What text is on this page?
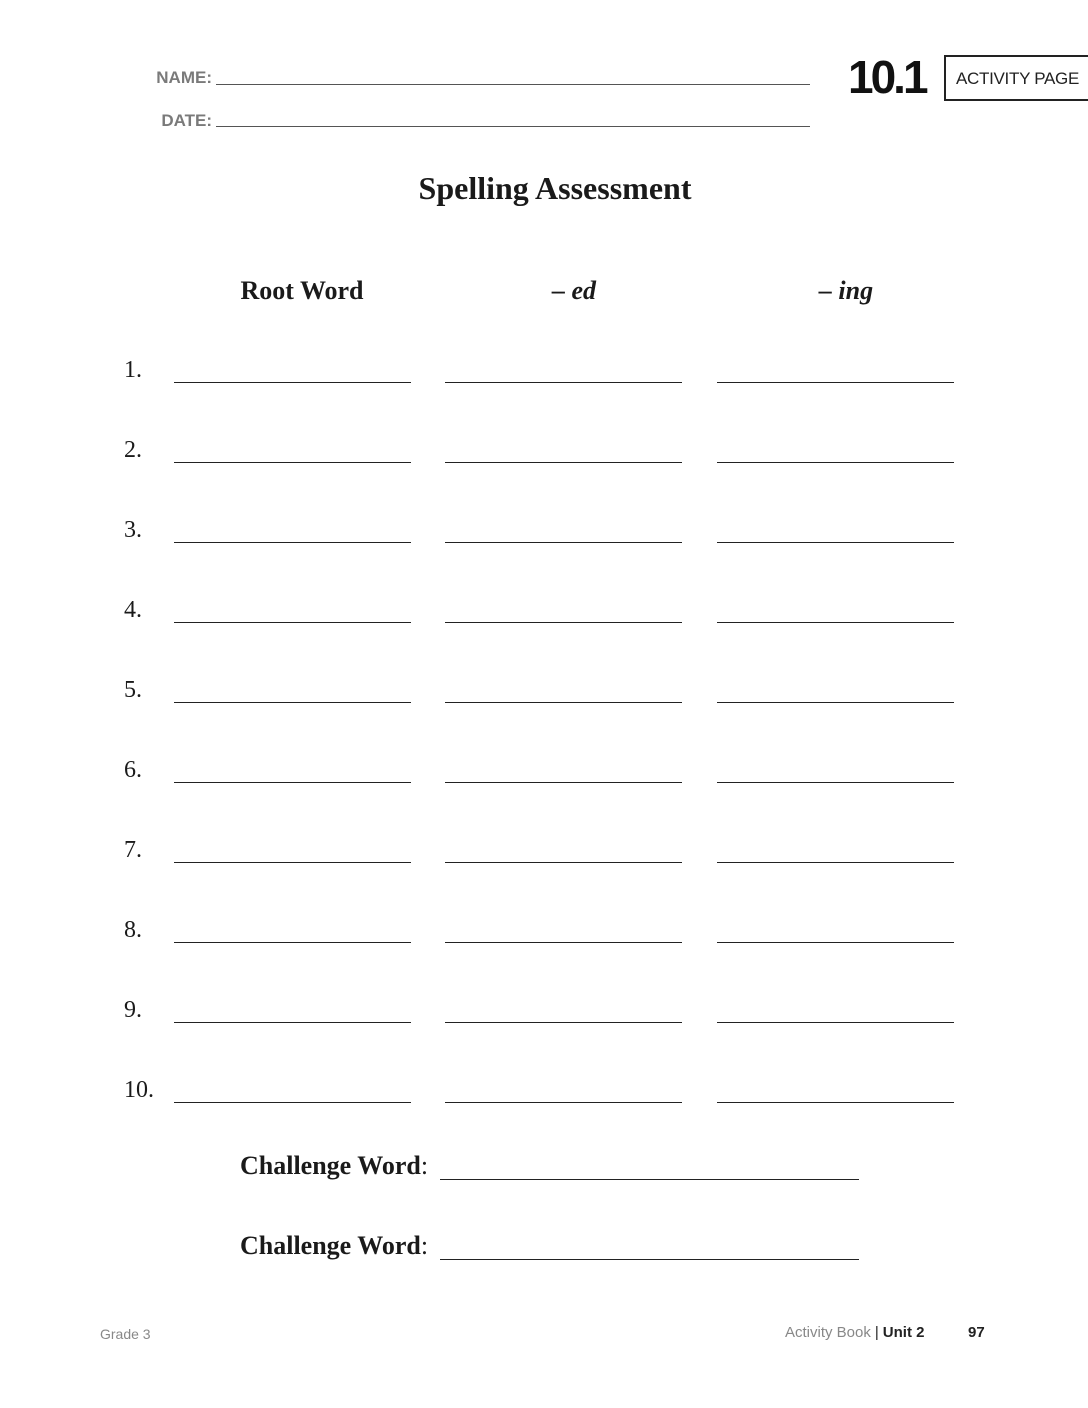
NAME:
DATE:
10.1	ACTIVITY PAGE
Spelling Assessment
Root Word	– ed	– ing
1.
2.
3.
4.
5.
6.
7.
8.
9.
10.
Challenge Word:
Challenge Word:
Grade 3	Activity Book | Unit 2	97
